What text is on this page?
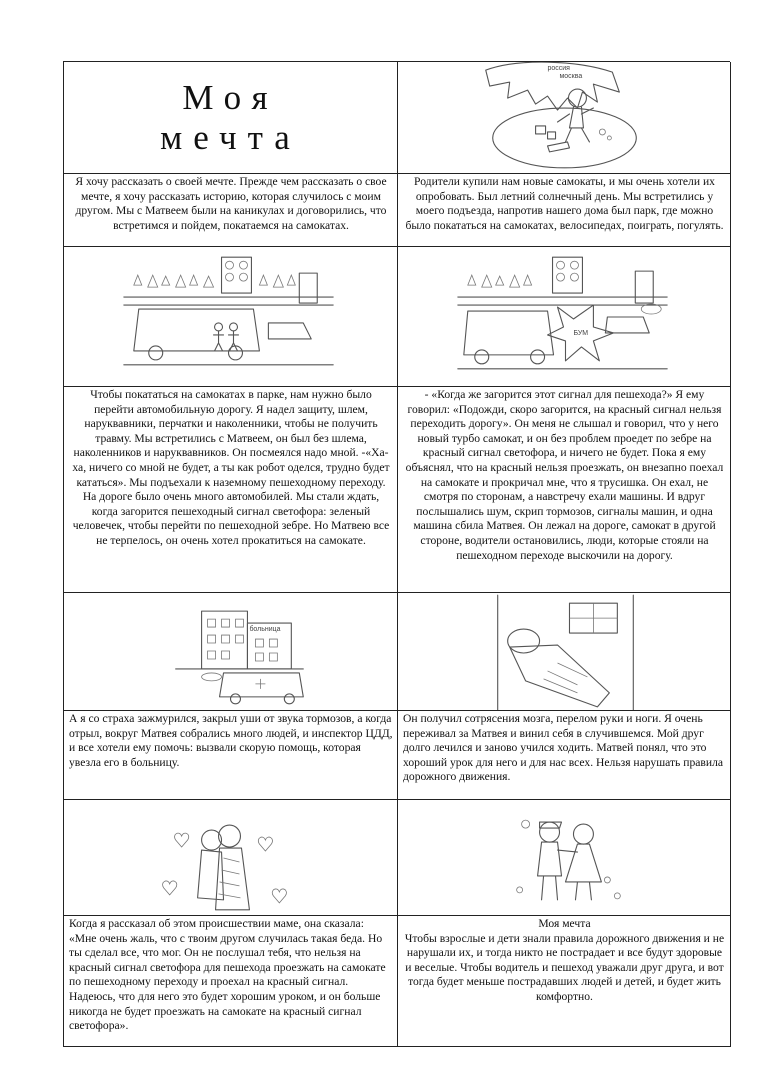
Моя
мечта
россия
москва
Я хочу рассказать о своей мечте. Прежде чем рассказать о свое мечте, я хочу рассказать историю, которая случилось с моим другом. Мы с Матвеем были на каникулах и договорились, что встретимся и пойдем, покатаемся на самокатах.
Родители купили нам новые самокаты, и мы очень хотели их опробовать. Был летний солнечный день. Мы встретились у моего подъезда, напротив нашего дома был парк, где можно было покататься на самокатах, велосипедах, поиграть, погулять.
БУМ
Чтобы покататься на самокатах в парке, нам нужно было перейти автомобильную дорогу. Я надел защиту, шлем, наруквавники, перчатки и наколенники, чтобы не получить травму. Мы встретились с Матвеем, он был без шлема, наколенников и наруквавников. Он посмеялся надо мной. -«Ха-ха, ничего со мной не будет, а ты как робот оделся, трудно будет кататься». Мы подъехали к наземному пешеходному переходу. На дороге было очень много автомобилей. Мы стали ждать, когда загорится пешеходный сигнал светофора: зеленый человечек, чтобы перейти по пешеходной зебре. Но Матвею все не терпелось, он очень хотел прокатиться на самокате.
- «Когда же загорится этот сигнал для пешехода?» Я ему говорил: «Подожди, скоро загорится, на красный сигнал нельзя переходить дорогу». Он меня не слышал и говорил, что у него новый турбо самокат, и он без проблем проедет по зебре на красный сигнал светофора, и ничего не будет. Пока я ему объяснял, что на красный нельзя проезжать, он внезапно поехал на самокате и прокричал мне, что я трусишка. Он ехал, не смотря по сторонам, а навстречу ехали машины. И вдруг послышались шум, скрип тормозов, сигналы машин, и одна машина сбила Матвея. Он лежал на дороге, самокат в другой стороне, водители остановились, люди, которые стояли на пешеходном переходе выскочили на дорогу.
больница
А я со страха зажмурился, закрыл уши от звука тормозов, а когда отрыл, вокруг Матвея собрались много людей, и инспектор ЦДД, и все хотели ему помочь: вызвали скорую помощь, которая увезла его в больницу.
Он получил сотрясения мозга, перелом руки и ноги. Я очень переживал за Матвея и винил себя в случившемся. Мой друг долго лечился и заново учился ходить. Матвей понял, что это хороший урок для него и для нас всех. Нельзя нарушать правила дорожного движения.
Когда я рассказал об этом происшествии маме, она сказала: «Мне очень жаль, что с твоим другом случилась такая беда. Но ты сделал все, что мог. Он не послушал тебя, что нельзя на красный сигнал светофора для пешехода проезжать на самокате по пешеходному переходу и проехал на красный сигнал. Надеюсь, что для него это будет хорошим уроком, и он больше никогда не будет проезжать на самокате на красный сигнал светофора».
Моя мечта
Чтобы взрослые и дети знали правила дорожного движения и не нарушали их, и тогда никто не пострадает и все будут здоровые и веселые. Чтобы водитель и пешеход уважали друг друга, и вот тогда будет меньше пострадавших людей и детей, и будет жить комфортно.
